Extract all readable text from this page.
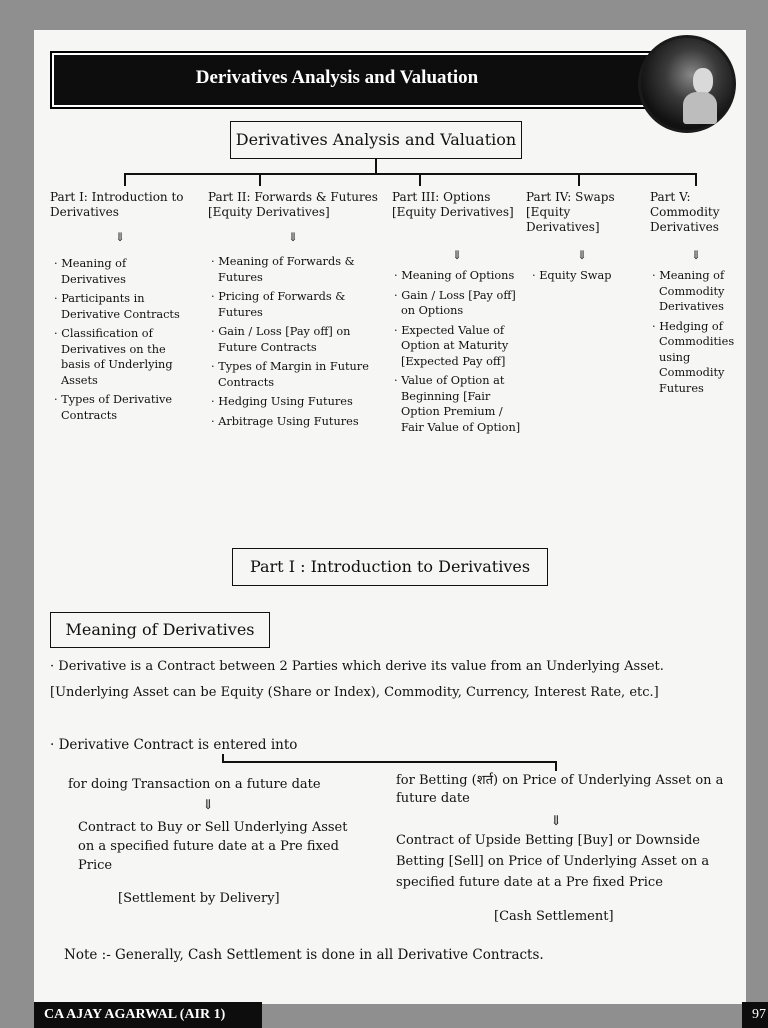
Derivatives Analysis and Valuation
Derivatives Analysis and Valuation
Part I: Introduction to Derivatives
⇓
· Meaning of Derivatives
· Participants in Derivative Contracts
· Classification of Derivatives on the basis of Underlying Assets
· Types of Derivative Contracts
Part II: Forwards & Futures [Equity Derivatives]
⇓
· Meaning of Forwards & Futures
· Pricing of Forwards & Futures
· Gain / Loss [Pay off] on Future Contracts
· Types of Margin in Future Contracts
· Hedging Using Futures
· Arbitrage Using Futures
Part III: Options [Equity Derivatives]
⇓
· Meaning of Options
· Gain / Loss [Pay off] on Options
· Expected Value of Option at Maturity [Expected Pay off]
· Value of Option at Beginning [Fair Option Premium / Fair Value of Option]
Part IV: Swaps [Equity Derivatives]
⇓
· Equity Swap
Part V: Commodity Derivatives
⇓
· Meaning of Commodity Derivatives
· Hedging of Commodities using Commodity Futures
Part I : Introduction to Derivatives
Meaning of Derivatives
· Derivative is a Contract between 2 Parties which derive its value from an Underlying Asset.
[Underlying Asset can be Equity (Share or Index), Commodity, Currency, Interest Rate, etc.]
· Derivative Contract is entered into
for doing Transaction on a future date
⇓
Contract to Buy or Sell Underlying Asset on a specified future date at a Pre fixed Price
[Settlement by Delivery]
for Betting (शर्त) on Price of Underlying Asset on a future date
⇓
Contract of Upside Betting [Buy] or Downside Betting [Sell] on Price of Underlying Asset on a specified future date at a Pre fixed Price
[Cash Settlement]
Note :- Generally, Cash Settlement is done in all Derivative Contracts.
CA AJAY AGARWAL (AIR 1)	97
